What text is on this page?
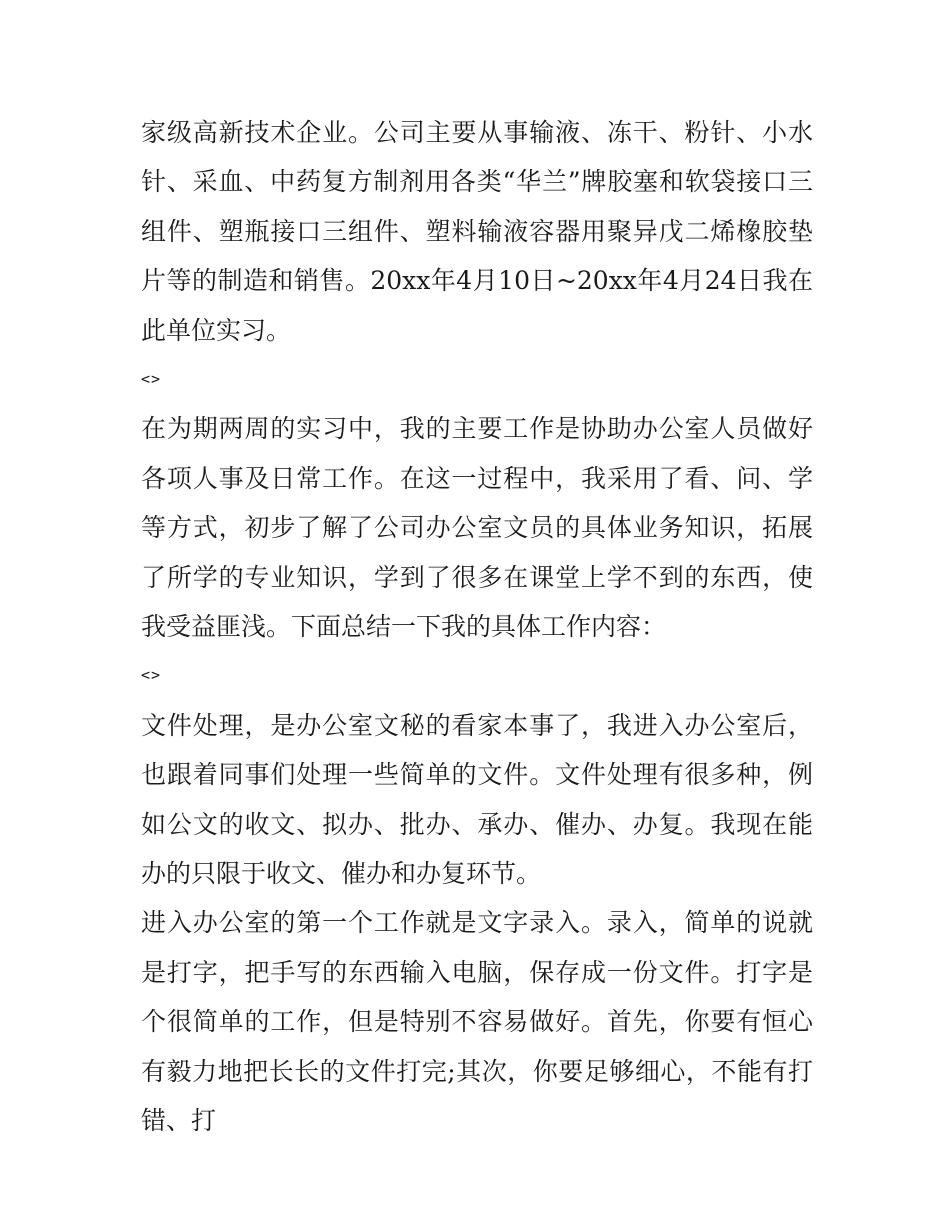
家级高新技术企业。公司主要从事输液、冻干、粉针、小水针、采血、中药复方制剂用各类“华兰”牌胶塞和软袋接口三组件、塑瓶接口三组件、塑料输液容器用聚异戊二烯橡胶垫片等的制造和销售。20xx年4月10日~20xx年4月24日我在此单位实习。

<>

在为期两周的实习中，我的主要工作是协助办公室人员做好各项人事及日常工作。在这一过程中，我采用了看、问、学等方式，初步了解了公司办公室文员的具体业务知识，拓展了所学的专业知识，学到了很多在课堂上学不到的东西，使我受益匪浅。下面总结一下我的具体工作内容：

<>

文件处理，是办公室文秘的看家本事了，我进入办公室后，也跟着同事们处理一些简单的文件。文件处理有很多种，例如公文的收文、拟办、批办、承办、催办、办复。我现在能办的只限于收文、催办和办复环节。

进入办公室的第一个工作就是文字录入。录入，简单的说就是打字，把手写的东西输入电脑，保存成一份文件。打字是个很简单的工作，但是特别不容易做好。首先，你要有恒心有毅力地把长长的文件打完;其次，你要足够细心，不能有打错、打
